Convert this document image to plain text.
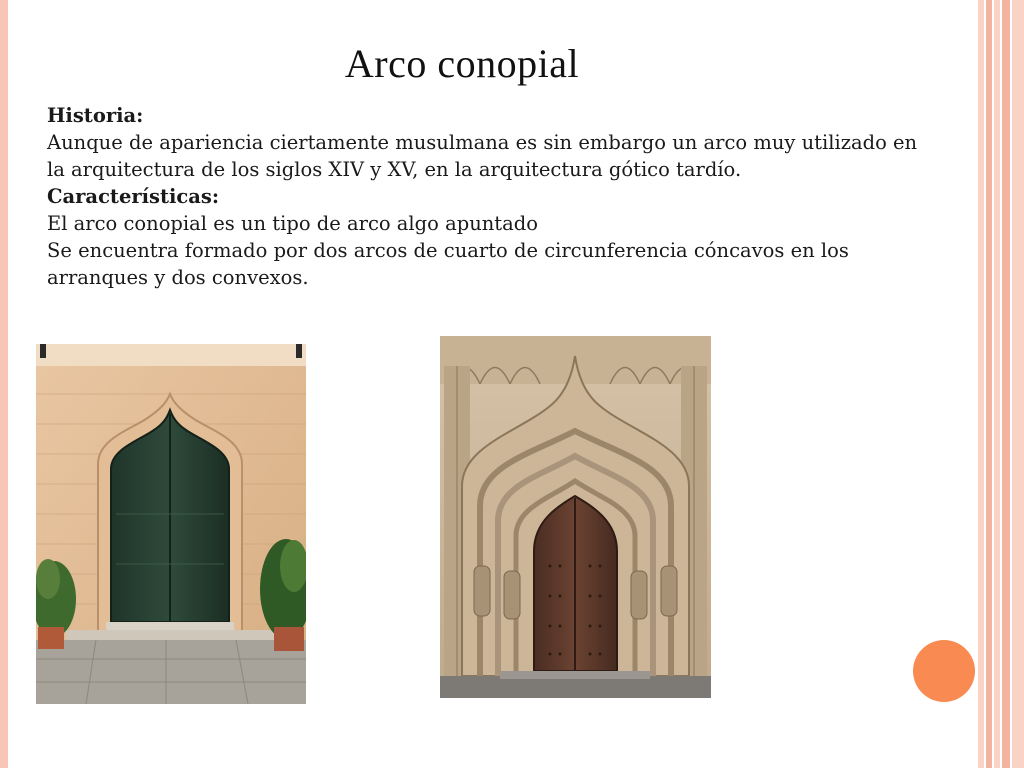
Arco conopial
Historia:
Aunque de apariencia ciertamente musulmana es sin embargo un arco muy utilizado en la arquitectura de los siglos XIV y XV, en la arquitectura gótico tardío.
Características:
El arco conopial es un tipo de arco algo apuntado
Se encuentra formado por dos arcos de cuarto de circunferencia cóncavos en los arranques y dos convexos.
